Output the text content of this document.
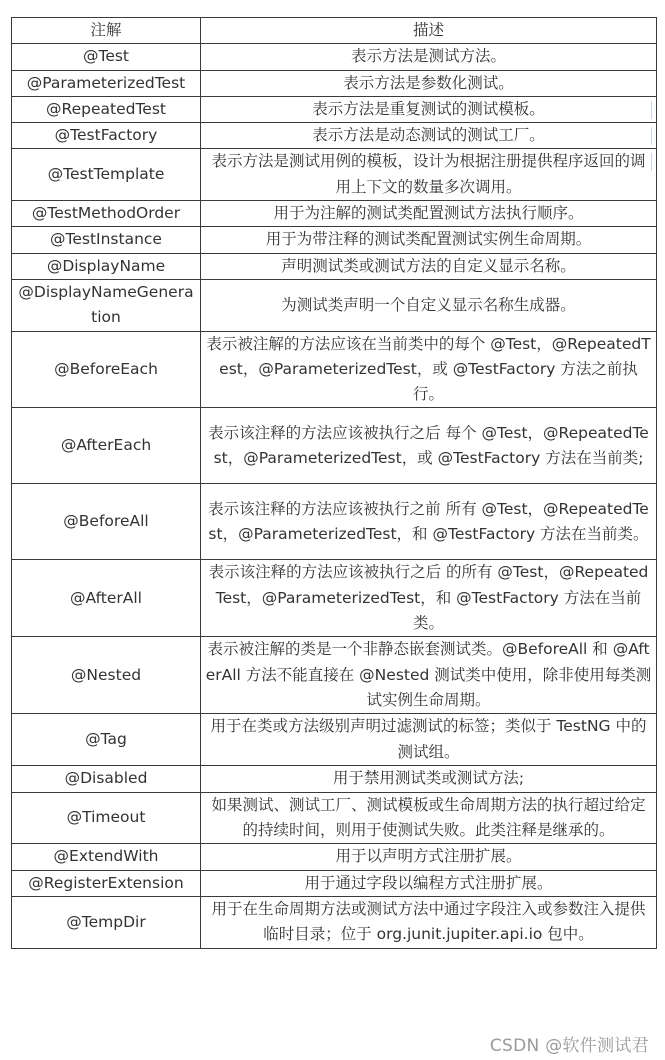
注解	描述
@Test	表示方法是测试方法。
@ParameterizedTest	表示方法是参数化测试。
@RepeatedTest	表示方法是重复测试的测试模板。

@TestFactory	表示方法是动态测试的测试工厂。

@TestTemplate	表示方法是测试用例的模板，设计为根据注册提供程序返回的调用上下文的数量多次调用。

@TestMethodOrder	用于为注解的测试类配置测试方法执行顺序。
@TestInstance	用于为带注释的测试类配置测试实例生命周期。
@DisplayName	声明测试类或测试方法的自定义显示名称。
@DisplayNameGeneration	为测试类声明一个自定义显示名称生成器。
@BeforeEach	表示被注解的方法应该在当前类中的每个 @Test，@RepeatedTest，@ParameterizedTest，或 @TestFactory 方法之前执行。
@AfterEach	表示该注释的方法应该被执行之后 每个 @Test，@RepeatedTest，@ParameterizedTest，或 @TestFactory 方法在当前类;
@BeforeAll	表示该注释的方法应该被执行之前 所有 @Test，@RepeatedTest，@ParameterizedTest，和 @TestFactory 方法在当前类。
@AfterAll	表示该注释的方法应该被执行之后 的所有 @Test，@RepeatedTest，@ParameterizedTest，和 @TestFactory 方法在当前类。
@Nested	表示被注解的类是一个非静态嵌套测试类。@BeforeAll 和 @AfterAll 方法不能直接在 @Nested 测试类中使用，除非使用每类测试实例生命周期。
@Tag	用于在类或方法级别声明过滤测试的标签；类似于 TestNG 中的测试组。
@Disabled	用于禁用测试类或测试方法;
@Timeout	如果测试、测试工厂、测试模板或生命周期方法的执行超过给定的持续时间，则用于使测试失败。此类注释是继承的。
@ExtendWith	用于以声明方式注册扩展。
@RegisterExtension	用于通过字段以编程方式注册扩展。
@TempDir	用于在生命周期方法或测试方法中通过字段注入或参数注入提供临时目录；位于 org.junit.jupiter.api.io 包中。
CSDN @软件测试君
